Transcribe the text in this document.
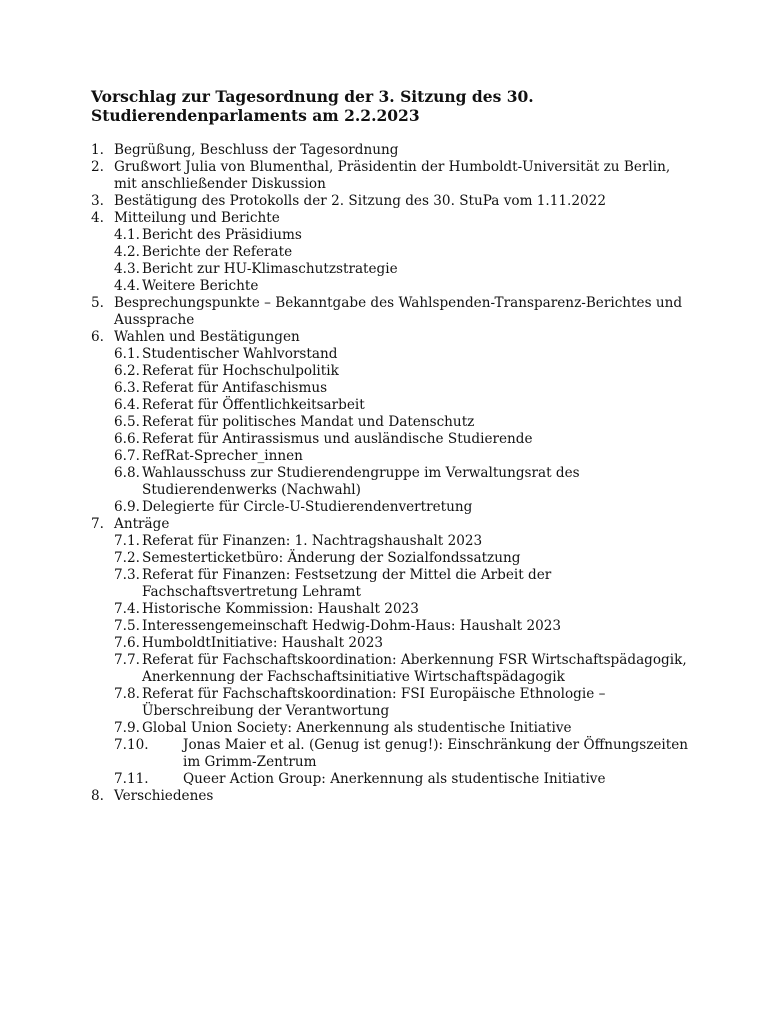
Vorschlag zur Tagesordnung der 3. Sitzung des 30.
Studierendenparlaments am 2.2.2023
1. Begrüßung, Beschluss der Tagesordnung
2. Grußwort Julia von Blumenthal, Präsidentin der Humboldt-Universität zu Berlin, mit anschließender Diskussion
3. Bestätigung des Protokolls der 2. Sitzung des 30. StuPa vom 1.11.2022
4. Mitteilung und Berichte
4.1. Bericht des Präsidiums
4.2. Berichte der Referate
4.3. Bericht zur HU-Klimaschutzstrategie
4.4. Weitere Berichte
5. Besprechungspunkte – Bekanntgabe des Wahlspenden-Transparenz-Berichtes und Aussprache
6. Wahlen und Bestätigungen
6.1. Studentischer Wahlvorstand
6.2. Referat für Hochschulpolitik
6.3. Referat für Antifaschismus
6.4. Referat für Öffentlichkeitsarbeit
6.5. Referat für politisches Mandat und Datenschutz
6.6. Referat für Antirassismus und ausländische Studierende
6.7. RefRat-Sprecher_innen
6.8. Wahlausschuss zur Studierendengruppe im Verwaltungsrat des Studierendenwerks (Nachwahl)
6.9. Delegierte für Circle-U-Studierendenvertretung
7. Anträge
7.1. Referat für Finanzen: 1. Nachtragshaushalt 2023
7.2. Semesterticketbüro: Änderung der Sozialfondssatzung
7.3. Referat für Finanzen: Festsetzung der Mittel die Arbeit der Fachschaftsvertretung Lehramt
7.4. Historische Kommission: Haushalt 2023
7.5. Interessengemeinschaft Hedwig-Dohm-Haus: Haushalt 2023
7.6. HumboldtInitiative: Haushalt 2023
7.7. Referat für Fachschaftskoordination: Aberkennung FSR Wirtschaftspädagogik, Anerkennung der Fachschaftsinitiative Wirtschaftspädagogik
7.8. Referat für Fachschaftskoordination: FSI Europäische Ethnologie – Überschreibung der Verantwortung
7.9. Global Union Society: Anerkennung als studentische Initiative
7.10.	Jonas Maier et al. (Genug ist genug!): Einschränkung der Öffnungszeiten im Grimm-Zentrum
7.11.	Queer Action Group: Anerkennung als studentische Initiative
8. Verschiedenes
